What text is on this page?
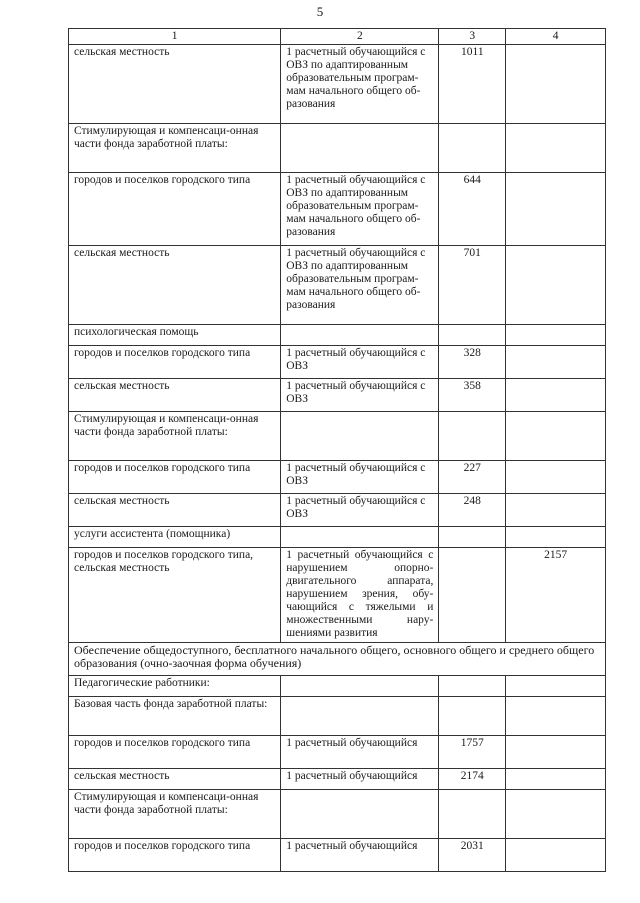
5
1	2	3	4
сельская местность	1 расчетный обучающийся с ОВЗ по адаптированным образовательным програм-мам начального общего об-разования	1011	
Стимулирующая и компенсаци-онная части фонда заработной платы:			
городов и поселков городского типа	1 расчетный обучающийся с ОВЗ по адаптированным образовательным програм-мам начального общего об-разования	644	
сельская местность	1 расчетный обучающийся с ОВЗ по адаптированным образовательным програм-мам начального общего об-разования	701	
психологическая помощь			
городов и поселков городского типа	1 расчетный обучающийся с ОВЗ	328	
сельская местность	1 расчетный обучающийся с ОВЗ	358	
Стимулирующая и компенсаци-онная части фонда заработной платы:			
городов и поселков городского типа	1 расчетный обучающийся с ОВЗ	227	
сельская местность	1 расчетный обучающийся с ОВЗ	248	
услуги ассистента (помощника)			
городов и поселков городского типа, сельская местность	1 расчетный обучающийся с нарушением опорно-двигательного аппарата, нарушением зрения, обу-чающийся с тяжелыми и множественными нару-шениями развития		2157
Обеспечение общедоступного, бесплатного начального общего, основного общего и среднего общего образования (очно-заочная форма обучения)			
Педагогические работники:			
Базовая часть фонда заработной платы:			
городов и поселков городского типа	1 расчетный обучающийся	1757	
сельская местность	1 расчетный обучающийся	2174	
Стимулирующая и компенсаци-онная части фонда заработной платы:			
городов и поселков городского типа	1 расчетный обучающийся	2031	
